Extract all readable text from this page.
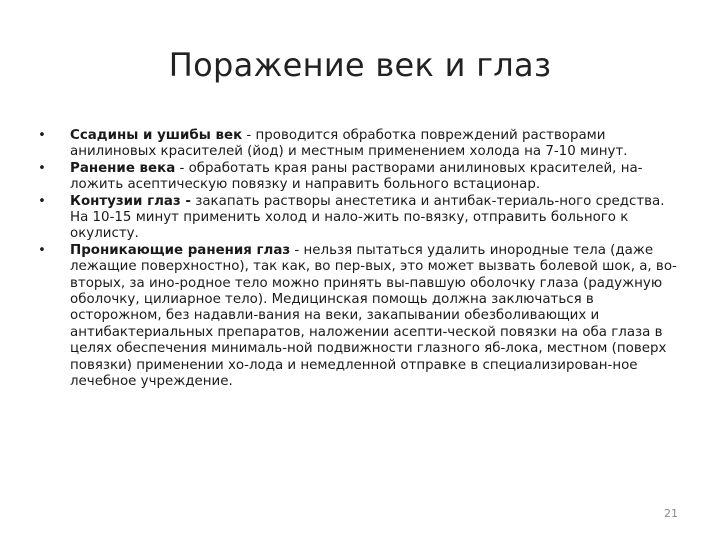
Поражение век и глаз
• Ссадины и ушибы век - проводится обработка повреждений растворами анилиновых красителей (йод) и местным применением холода на 7-10 минут.
• Ранение века - обработать края раны растворами анилиновых красителей, на-ложить асептическую повязку и направить больного встационар.
• Контузии глаз - закапать растворы анестетика и антибак-териаль-ного средства. На 10-15 минут применить холод и нало-жить по-вязку, отправить больного к окулисту.
• Проникающие ранения глаз - нельзя пытаться удалить инородные тела (даже лежащие поверхностно), так как, во пер-вых, это может вызвать болевой шок, а, во-вторых, за ино-родное тело можно принять вы-павшую оболочку глаза (радужную оболочку, цилиарное тело). Медицинская помощь должна заключаться в осторожном, без надавли-вания на веки, закапывании обезболивающих и антибактериальных препаратов, наложении асепти-ческой повязки на оба глаза в целях обеспечения минималь-ной подвижности глазного яб-лока, местном (поверх повязки) применении хо-лода и немедленной отправке в специализирован-ное лечебное учреждение.
21
